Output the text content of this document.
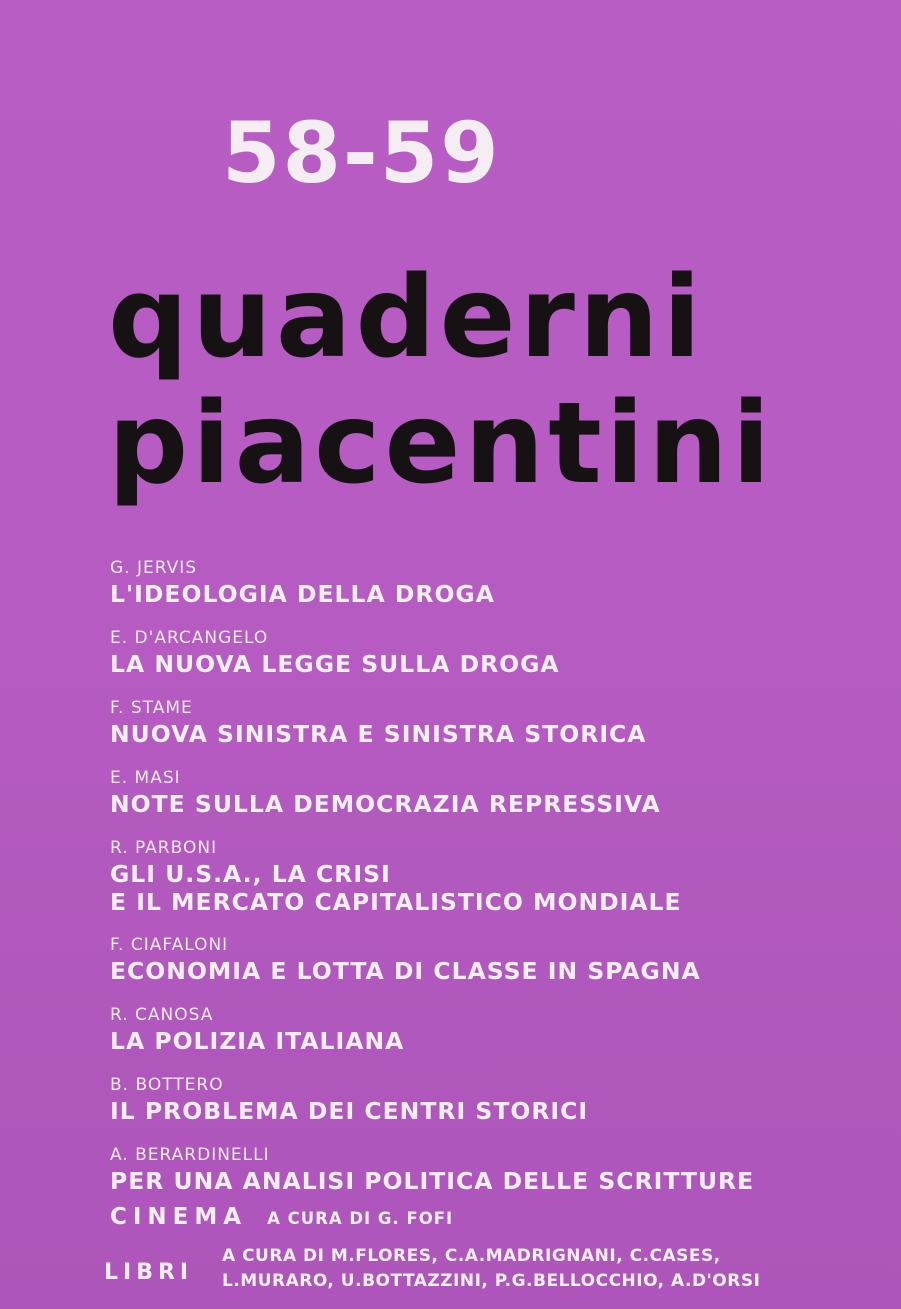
58-59
quaderni
piacentini
G. JERVIS
L'IDEOLOGIA DELLA DROGA
E. D'ARCANGELO
LA NUOVA LEGGE SULLA DROGA
F. STAME
NUOVA SINISTRA E SINISTRA STORICA
E. MASI
NOTE SULLA DEMOCRAZIA REPRESSIVA
R. PARBONI
GLI U.S.A., LA CRISI
E IL MERCATO CAPITALISTICO MONDIALE
F. CIAFALONI
ECONOMIA E LOTTA DI CLASSE IN SPAGNA
R. CANOSA
LA POLIZIA ITALIANA
B. BOTTERO
IL PROBLEMA DEI CENTRI STORICI
A. BERARDINELLI
PER UNA ANALISI POLITICA DELLE SCRITTURE
CINEMA A CURA DI G. FOFI
LIBRI
A CURA DI M.FLORES, C.A.MADRIGNANI, C.CASES,
L.MURARO, U.BOTTAZZINI, P.G.BELLOCCHIO, A.D'ORSI
